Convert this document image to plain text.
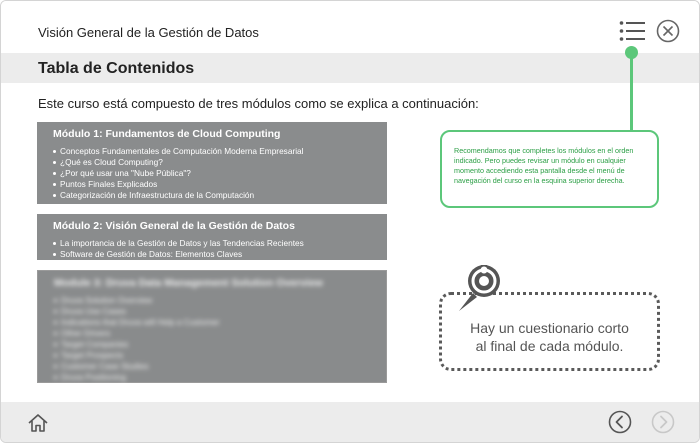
Visión General de la Gestión de Datos
Tabla de Contenidos
Este curso está compuesto de tres módulos como se explica a continuación:
Módulo 1: Fundamentos de Cloud Computing
Conceptos Fundamentales de Computación Moderna Empresarial
¿Qué es Cloud Computing?
¿Por qué usar una "Nube Pública"?
Puntos Finales Explicados
Categorización de Infraestructura de la Computación
Módulo 2: Visión General de la Gestión de Datos
La importancia de la Gestión de Datos y las Tendencias Recientes
Software de Gestión de Datos: Elementos Claves
Module 3: Druva Data Management Solution Overview
Druva Solution Overview
Druva Use Cases
Indications that Druva will Help a Customer
Other Drivers
Target Companies
Target Prospects
Customer Case Studies
Druva Positioning
Recomendamos que completes los módulos en el orden indicado. Pero puedes revisar un módulo en cualquier momento accediendo esta pantalla desde el menú de navegación del curso en la esquina superior derecha.
Hay un cuestionario corto
al final de cada módulo.
